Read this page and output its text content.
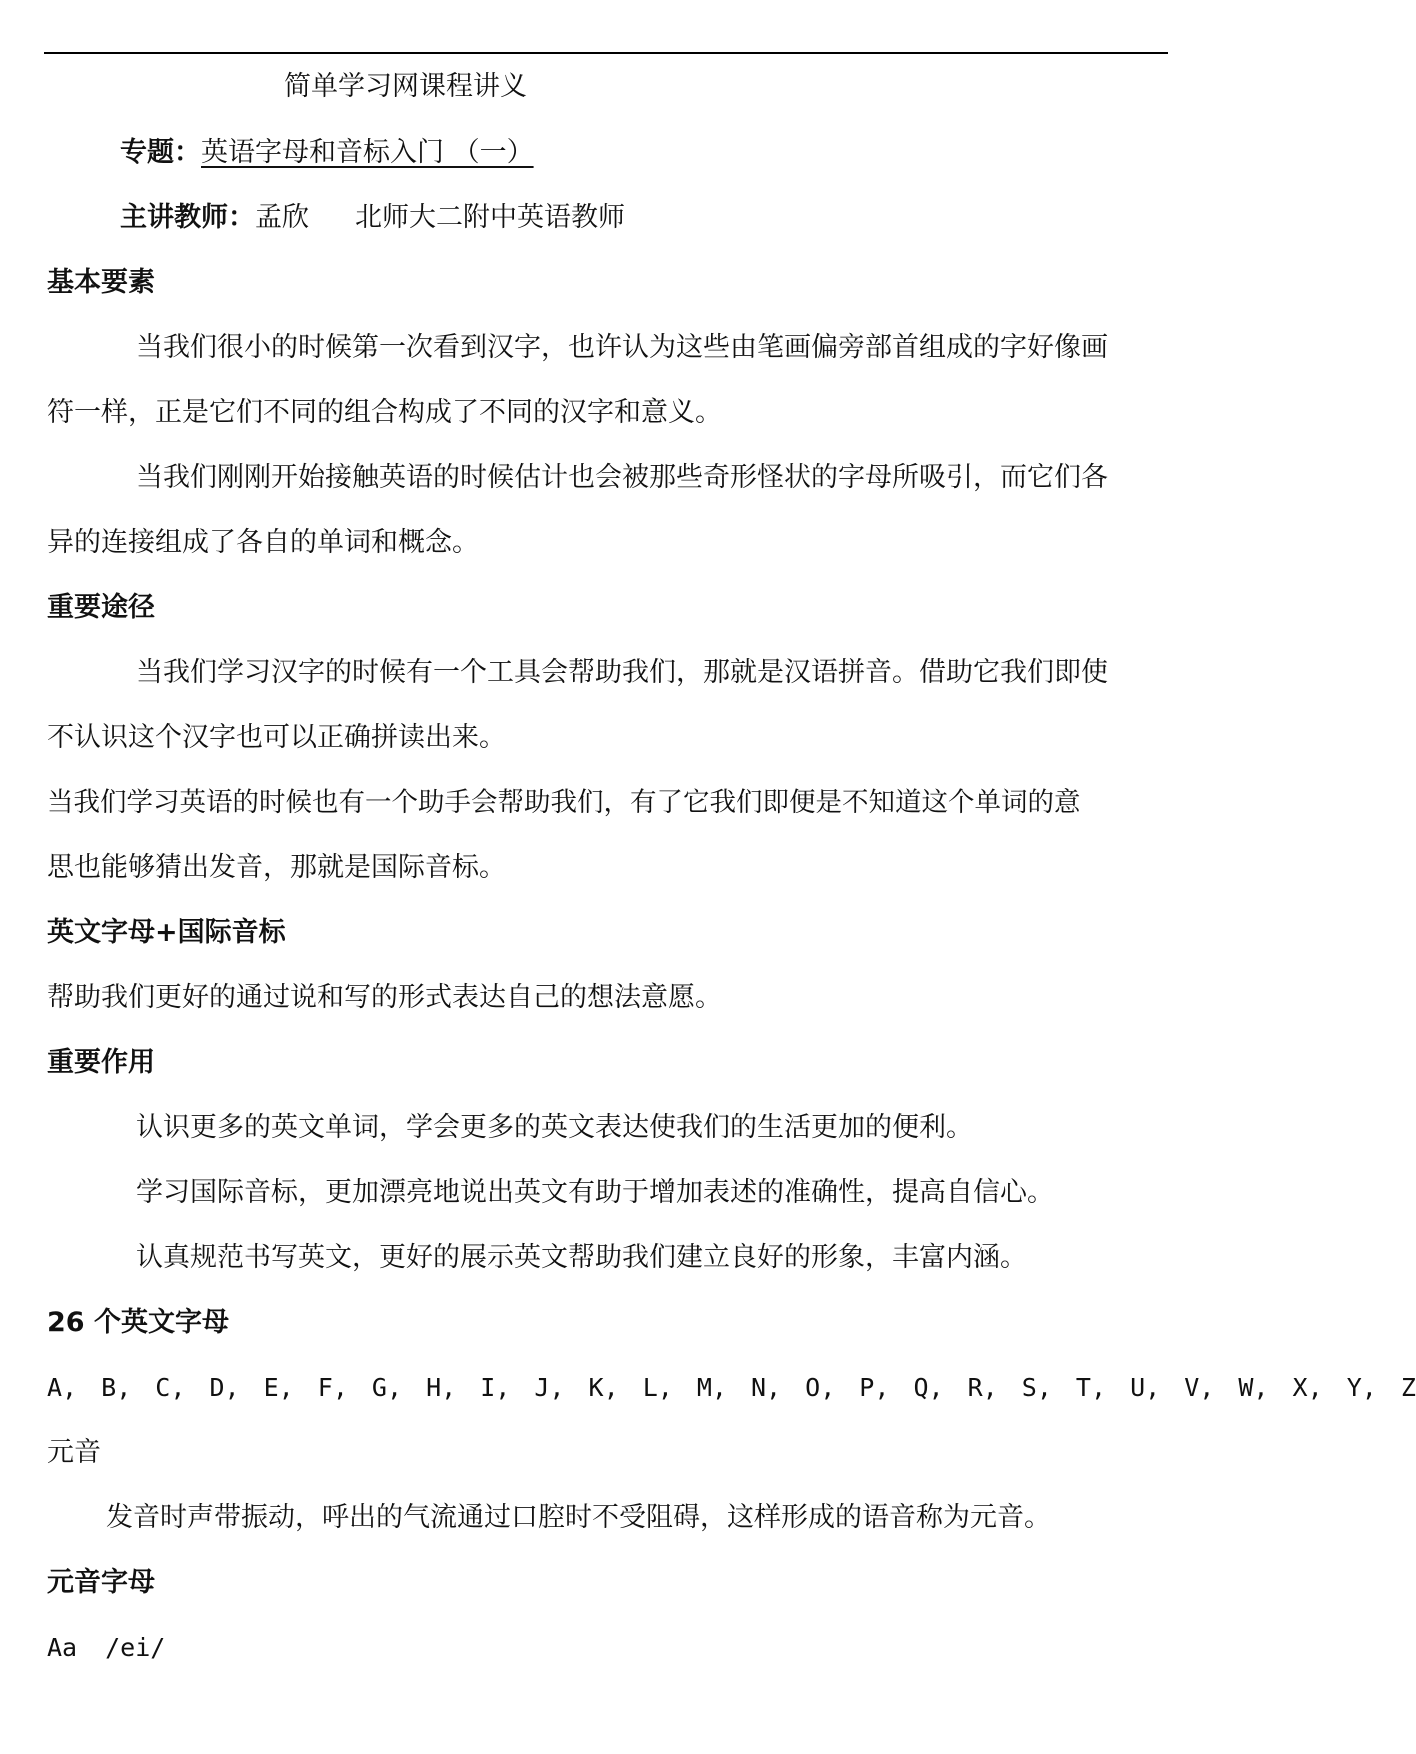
简单学习网课程讲义

专题：英语字母和音标入门 （一）

主讲教师：孟欣 北师大二附中英语教师

基本要素

当我们很小的时候第一次看到汉字，也许认为这些由笔画偏旁部首组成的字好像画

符一样，正是它们不同的组合构成了不同的汉字和意义。

当我们刚刚开始接触英语的时候估计也会被那些奇形怪状的字母所吸引，而它们各

异的连接组成了各自的单词和概念。

重要途径

当我们学习汉字的时候有一个工具会帮助我们，那就是汉语拼音。借助它我们即使

不认识这个汉字也可以正确拼读出来。

当我们学习英语的时候也有一个助手会帮助我们，有了它我们即便是不知道这个单词的意

思也能够猜出发音，那就是国际音标。

英文字母+国际音标

帮助我们更好的通过说和写的形式表达自己的想法意愿。

重要作用

认识更多的英文单词，学会更多的英文表达使我们的生活更加的便利。

学习国际音标，更加漂亮地说出英文有助于增加表述的准确性，提高自信心。

认真规范书写英文，更好的展示英文帮助我们建立良好的形象，丰富内涵。

26 个英文字母

A, B, C, D, E, F, G, H, I, J, K, L, M, N, O, P, Q, R, S, T, U, V, W, X, Y, Z

元音

发音时声带振动，呼出的气流通过口腔时不受阻碍，这样形成的语音称为元音。

元音字母

Aa /ei/
